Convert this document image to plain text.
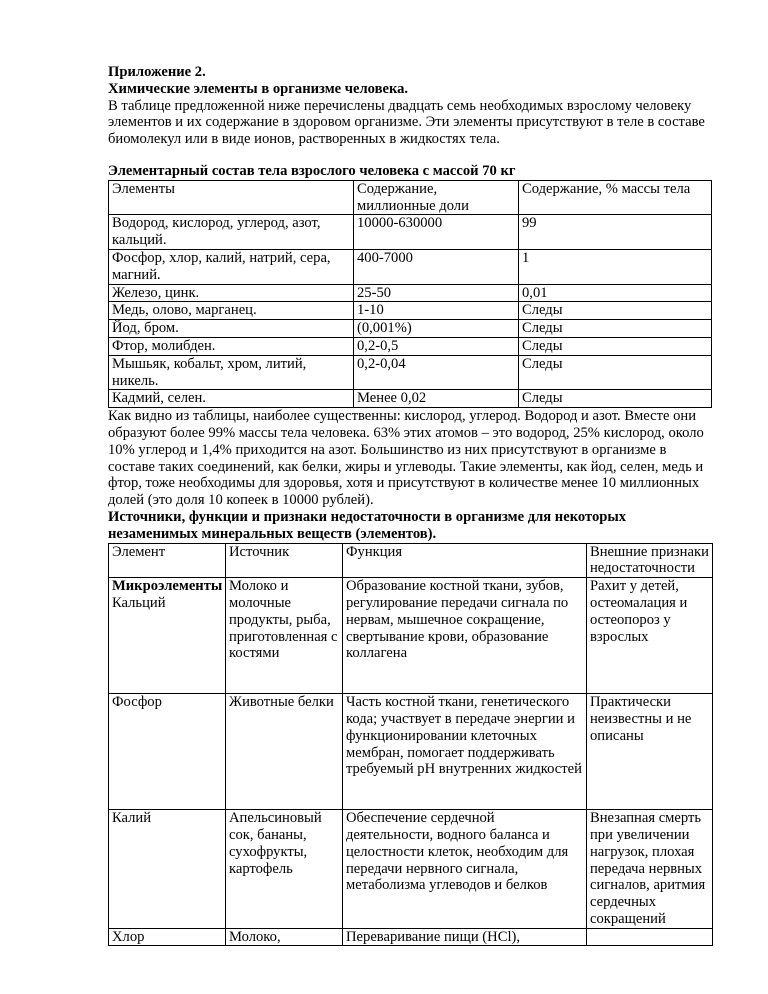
Приложение 2.

Химические элементы в организме человека.

В таблице предложенной ниже перечислены двадцать семь необходимых взрослому человеку элементов и их содержание в здоровом организме. Эти элементы присутствуют в теле в составе биомолекул или в виде ионов, растворенных в жидкостях тела.

Элементарный состав тела взрослого человека с массой 70 кг

Элементы	Содержание, миллионные доли	Содержание, % массы тела
Водород, кислород, углерод, азот, кальций.	10000-630000	99
Фосфор, хлор, калий, натрий, сера, магний.	400-7000	1
Железо, цинк.	25-50	0,01
Медь, олово, марганец.	1-10	Следы
Йод, бром.	(0,001%)	Следы
Фтор, молибден.	0,2-0,5	Следы
Мышьяк, кобальт, хром, литий, никель.	0,2-0,04	Следы
Кадмий, селен.	Менее 0,02	Следы

Как видно из таблицы, наиболее существенны: кислород, углерод. Водород и азот. Вместе они образуют более 99% массы тела человека. 63% этих атомов – это водород, 25% кислород, около 10% углерод и 1,4% приходится на азот. Большинство из них присутствуют в организме в составе таких соединений, как белки, жиры и углеводы. Такие элементы, как йод, селен, медь и фтор, тоже необходимы для здоровья, хотя и присутствуют в количестве менее 10 миллионных долей (это доля 10 копеек в 10000 рублей).

Источники, функции и признаки недостаточности в организме для некоторых незаменимых минеральных веществ (элементов).

Элемент	Источник	Функция	Внешние признаки недостаточности

Микроэлементы
Кальций	Молоко и молочные продукты, рыба, приготовленная с костями	Образование костной ткани, зубов, регулирование передачи сигнала по нервам, мышечное сокращение, свертывание крови, образование коллагена	Рахит у детей, остеомалация и остеопороз у взрослых
Фосфор	Животные белки	Часть костной ткани, генетического кода; участвует в передаче энергии и функционировании клеточных мембран, помогает поддерживать требуемый pH внутренних жидкостей	Практически неизвестны и не описаны
Калий	Апельсиновый сок, бананы, сухофрукты, картофель	Обеспечение сердечной деятельности, водного баланса и целостности клеток, необходим для передачи нервного сигнала, метаболизма углеводов и белков	Внезапная смерть при увеличении нагрузок, плохая передача нервных сигналов, аритмия сердечных сокращений
Хлор	Молоко,	Переваривание пищи (HCl),	
